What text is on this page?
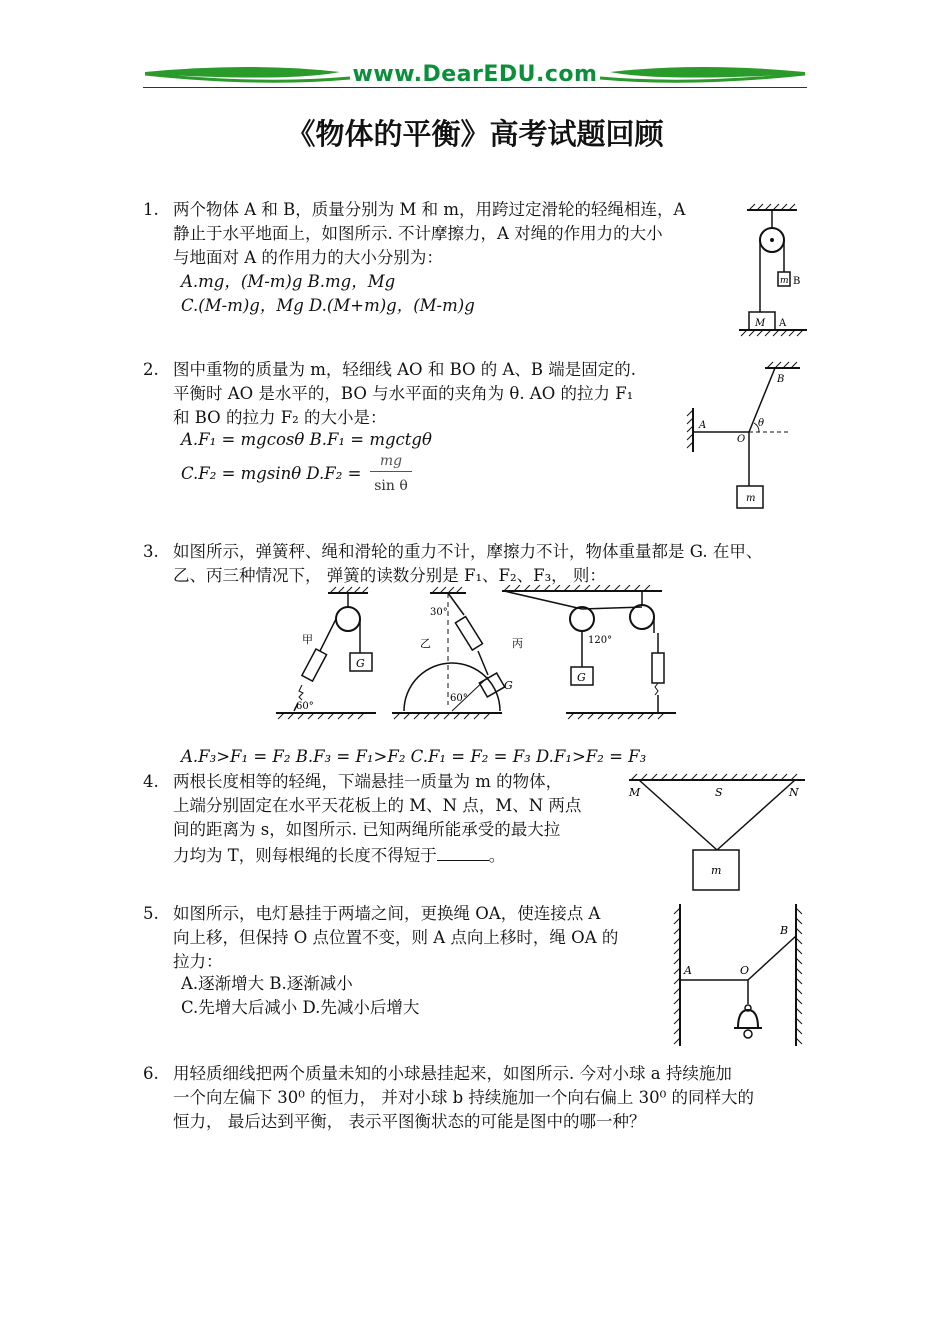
www.DearEDU.com
《物体的平衡》高考试题回顾
1. 两个物体 A 和 B，质量分别为 M 和 m，用跨过定滑轮的轻绳相连，A
静止于水平地面上，如图所示. 不计摩擦力，A 对绳的作用力的大小
与地面对 A 的作用力的大小分别为：
A.mg，(M-m)g B.mg，Mg
C.(M-m)g，Mg D.(M+m)g，(M-m)g
m B
M A
2. 图中重物的质量为 m，轻细线 AO 和 BO 的 A、B 端是固定的.
平衡时 AO 是水平的，BO 与水平面的夹角为 θ. AO 的拉力 F₁
和 BO 的拉力 F₂ 的大小是：
A.F₁ = mgcosθ B.F₁ = mgctgθ
C.F₂ = mgsinθ D.F₂ =
mg
sin θ
B
A	θ
O
m
3. 如图所示，弹簧秤、绳和滑轮的重力不计，摩擦力不计，物体重量都是 G. 在甲、
乙、丙三种情况下， 弹簧的读数分别是 F₁、F₂、F₃， 则：
G
60°
甲
30°
G
60°
乙
G
120°
丙
A.F₃>F₁ = F₂ B.F₃ = F₁>F₂ C.F₁ = F₂ = F₃ D.F₁>F₂ = F₃
4. 两根长度相等的轻绳，下端悬挂一质量为 m 的物体，
上端分别固定在水平天花板上的 M、N 点，M、N 两点
间的距离为 s，如图所示. 已知两绳所能承受的最大拉
力均为 T，则每根绳的长度不得短于	。
M	S	N
m
5. 如图所示，电灯悬挂于两墙之间，更换绳 OA，使连接点 A
向上移，但保持 O 点位置不变，则 A 点向上移时，绳 OA 的
拉力：
A.逐渐增大 B.逐渐减小
C.先增大后减小 D.先减小后增大
A	O
B
6. 用轻质细线把两个质量未知的小球悬挂起来，如图所示. 今对小球 a 持续施加
一个向左偏下 30⁰ 的恒力， 并对小球 b 持续施加一个向右偏上 30⁰ 的同样大的
恒力， 最后达到平衡， 表示平图衡状态的可能是图中的哪一种？
